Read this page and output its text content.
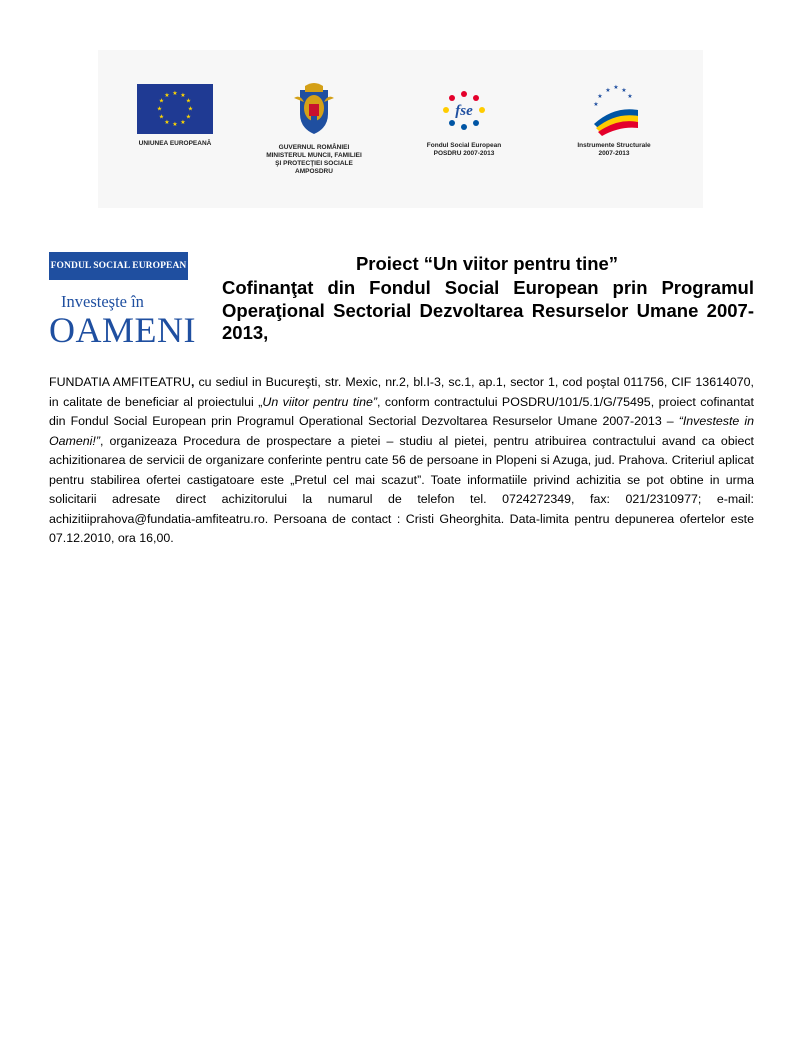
★ ★
★
★
★
★
★
★
★
★
★
★
UNIUNEA EUROPEANĂ
GUVERNUL ROMÂNIEI
MINISTERUL MUNCII, FAMILIEI
ŞI PROTECŢIEI SOCIALE
AMPOSDRU
fse
Fondul Social European
POSDRU 2007-2013
★ ★ ★
★	★
★
Instrumente Structurale
2007-2013
FONDUL SOCIAL EUROPEAN
Investeşte în
OAMENI
Proiect “Un viitor pentru tine”
Cofinanţat din Fondul Social European prin Programul Operaţional Sectorial Dezvoltarea Resurselor Umane 2007- 2013,
FUNDATIA AMFITEATRU, cu sediul in Bucureşti, str. Mexic, nr.2, bl.I-3, sc.1, ap.1, sector 1, cod poştal 011756, CIF 13614070, in calitate de beneficiar al proiectului „Un viitor pentru tine”, conform contractului POSDRU/101/5.1/G/75495, proiect cofinantat din Fondul Social European prin Programul Operational Sectorial Dezvoltarea Resurselor Umane 2007-2013 – “Investeste in Oameni!”, organizeaza Procedura de prospectare a pietei – studiu al pietei, pentru atribuirea contractului avand ca obiect achizitionarea de servicii de organizare conferinte pentru cate 56 de persoane in Plopeni si Azuga, jud. Prahova. Criteriul aplicat pentru stabilirea ofertei castigatoare este „Pretul cel mai scazut”. Toate informatiile privind achizitia se pot obtine in urma solicitarii adresate direct achizitorului la numarul de telefon tel. 0724272349, fax: 021/2310977; e-mail: achizitiiprahova@fundatia-amfiteatru.ro. Persoana de contact : Cristi Gheorghita. Data-limita pentru depunerea ofertelor este 07.12.2010, ora 16,00.
